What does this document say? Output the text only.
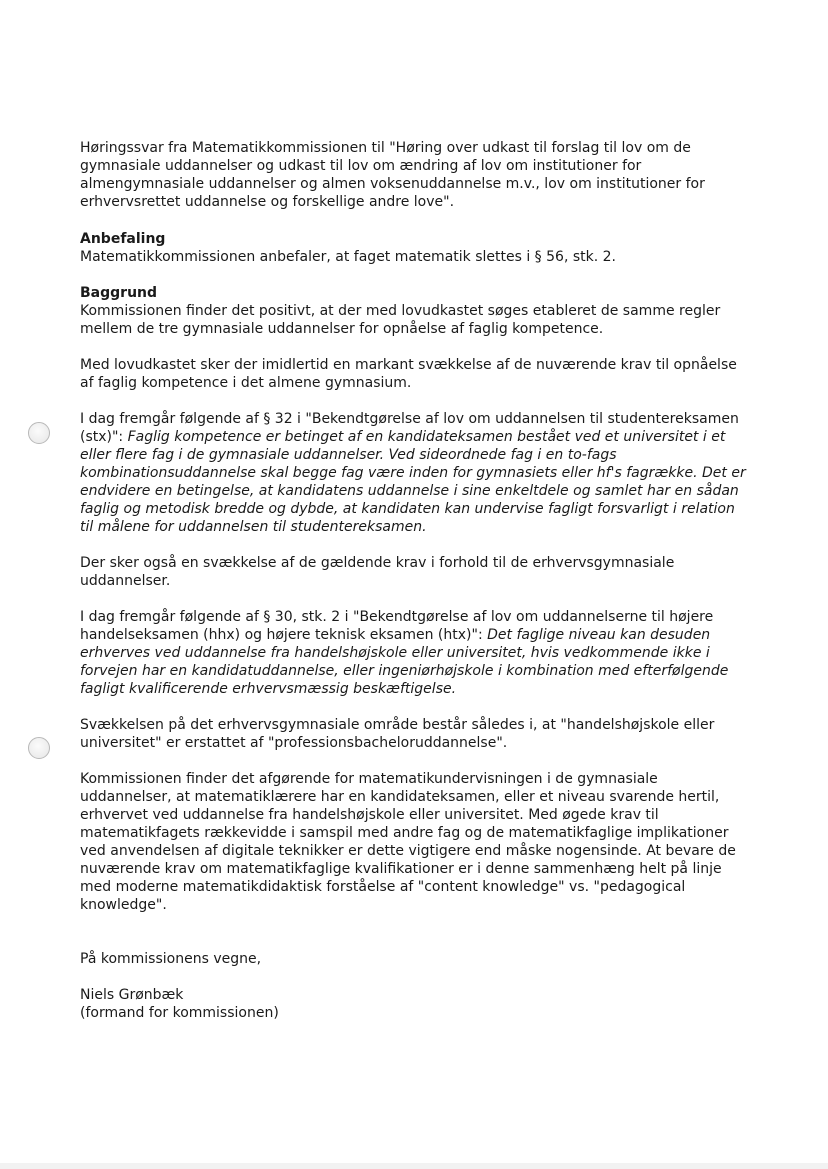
Høringssvar fra Matematikkommissionen til "Høring over udkast til forslag til lov om de gymnasiale uddannelser og udkast til lov om ændring af lov om institutioner for almengymnasiale uddannelser og almen voksenuddannelse m.v., lov om institutioner for erhvervsrettet uddannelse og forskellige andre love".

Anbefaling
Matematikkommissionen anbefaler, at faget matematik slettes i § 56, stk. 2.

Baggrund
Kommissionen finder det positivt, at der med lovudkastet søges etableret de samme regler mellem de tre gymnasiale uddannelser for opnåelse af faglig kompetence.

Med lovudkastet sker der imidlertid en markant svækkelse af de nuværende krav til opnåelse af faglig kompetence i det almene gymnasium.

I dag fremgår følgende af § 32 i "Bekendtgørelse af lov om uddannelsen til studentereksamen (stx)": Faglig kompetence er betinget af en kandidateksamen bestået ved et universitet i et eller flere fag i de gymnasiale uddannelser. Ved sideordnede fag i en to-fags kombinationsuddannelse skal begge fag være inden for gymnasiets eller hf's fagrække. Det er endvidere en betingelse, at kandidatens uddannelse i sine enkeltdele og samlet har en sådan faglig og metodisk bredde og dybde, at kandidaten kan undervise fagligt forsvarligt i relation til målene for uddannelsen til studentereksamen.

Der sker også en svækkelse af de gældende krav i forhold til de erhvervsgymnasiale uddannelser.

I dag fremgår følgende af § 30, stk. 2 i "Bekendtgørelse af lov om uddannelserne til højere handelseksamen (hhx) og højere teknisk eksamen (htx)": Det faglige niveau kan desuden erhverves ved uddannelse fra handelshøjskole eller universitet, hvis vedkommende ikke i forvejen har en kandidatuddannelse, eller ingeniørhøjskole i kombination med efterfølgende fagligt kvalificerende erhvervsmæssig beskæftigelse.

Svækkelsen på det erhvervsgymnasiale område består således i, at "handelshøjskole eller universitet" er erstattet af "professionsbacheloruddannelse".

Kommissionen finder det afgørende for matematikundervisningen i de gymnasiale uddannelser, at matematiklærere har en kandidateksamen, eller et niveau svarende hertil, erhvervet ved uddannelse fra handelshøjskole eller universitet. Med øgede krav til matematikfagets rækkevidde i samspil med andre fag og de matematikfaglige implikationer ved anvendelsen af digitale teknikker er dette vigtigere end måske nogensinde. At bevare de nuværende krav om matematikfaglige kvalifikationer er i denne sammenhæng helt på linje med moderne matematikdidaktisk forståelse af "content knowledge" vs. "pedagogical knowledge".

På kommissionens vegne,

Niels Grønbæk

(formand for kommissionen)
